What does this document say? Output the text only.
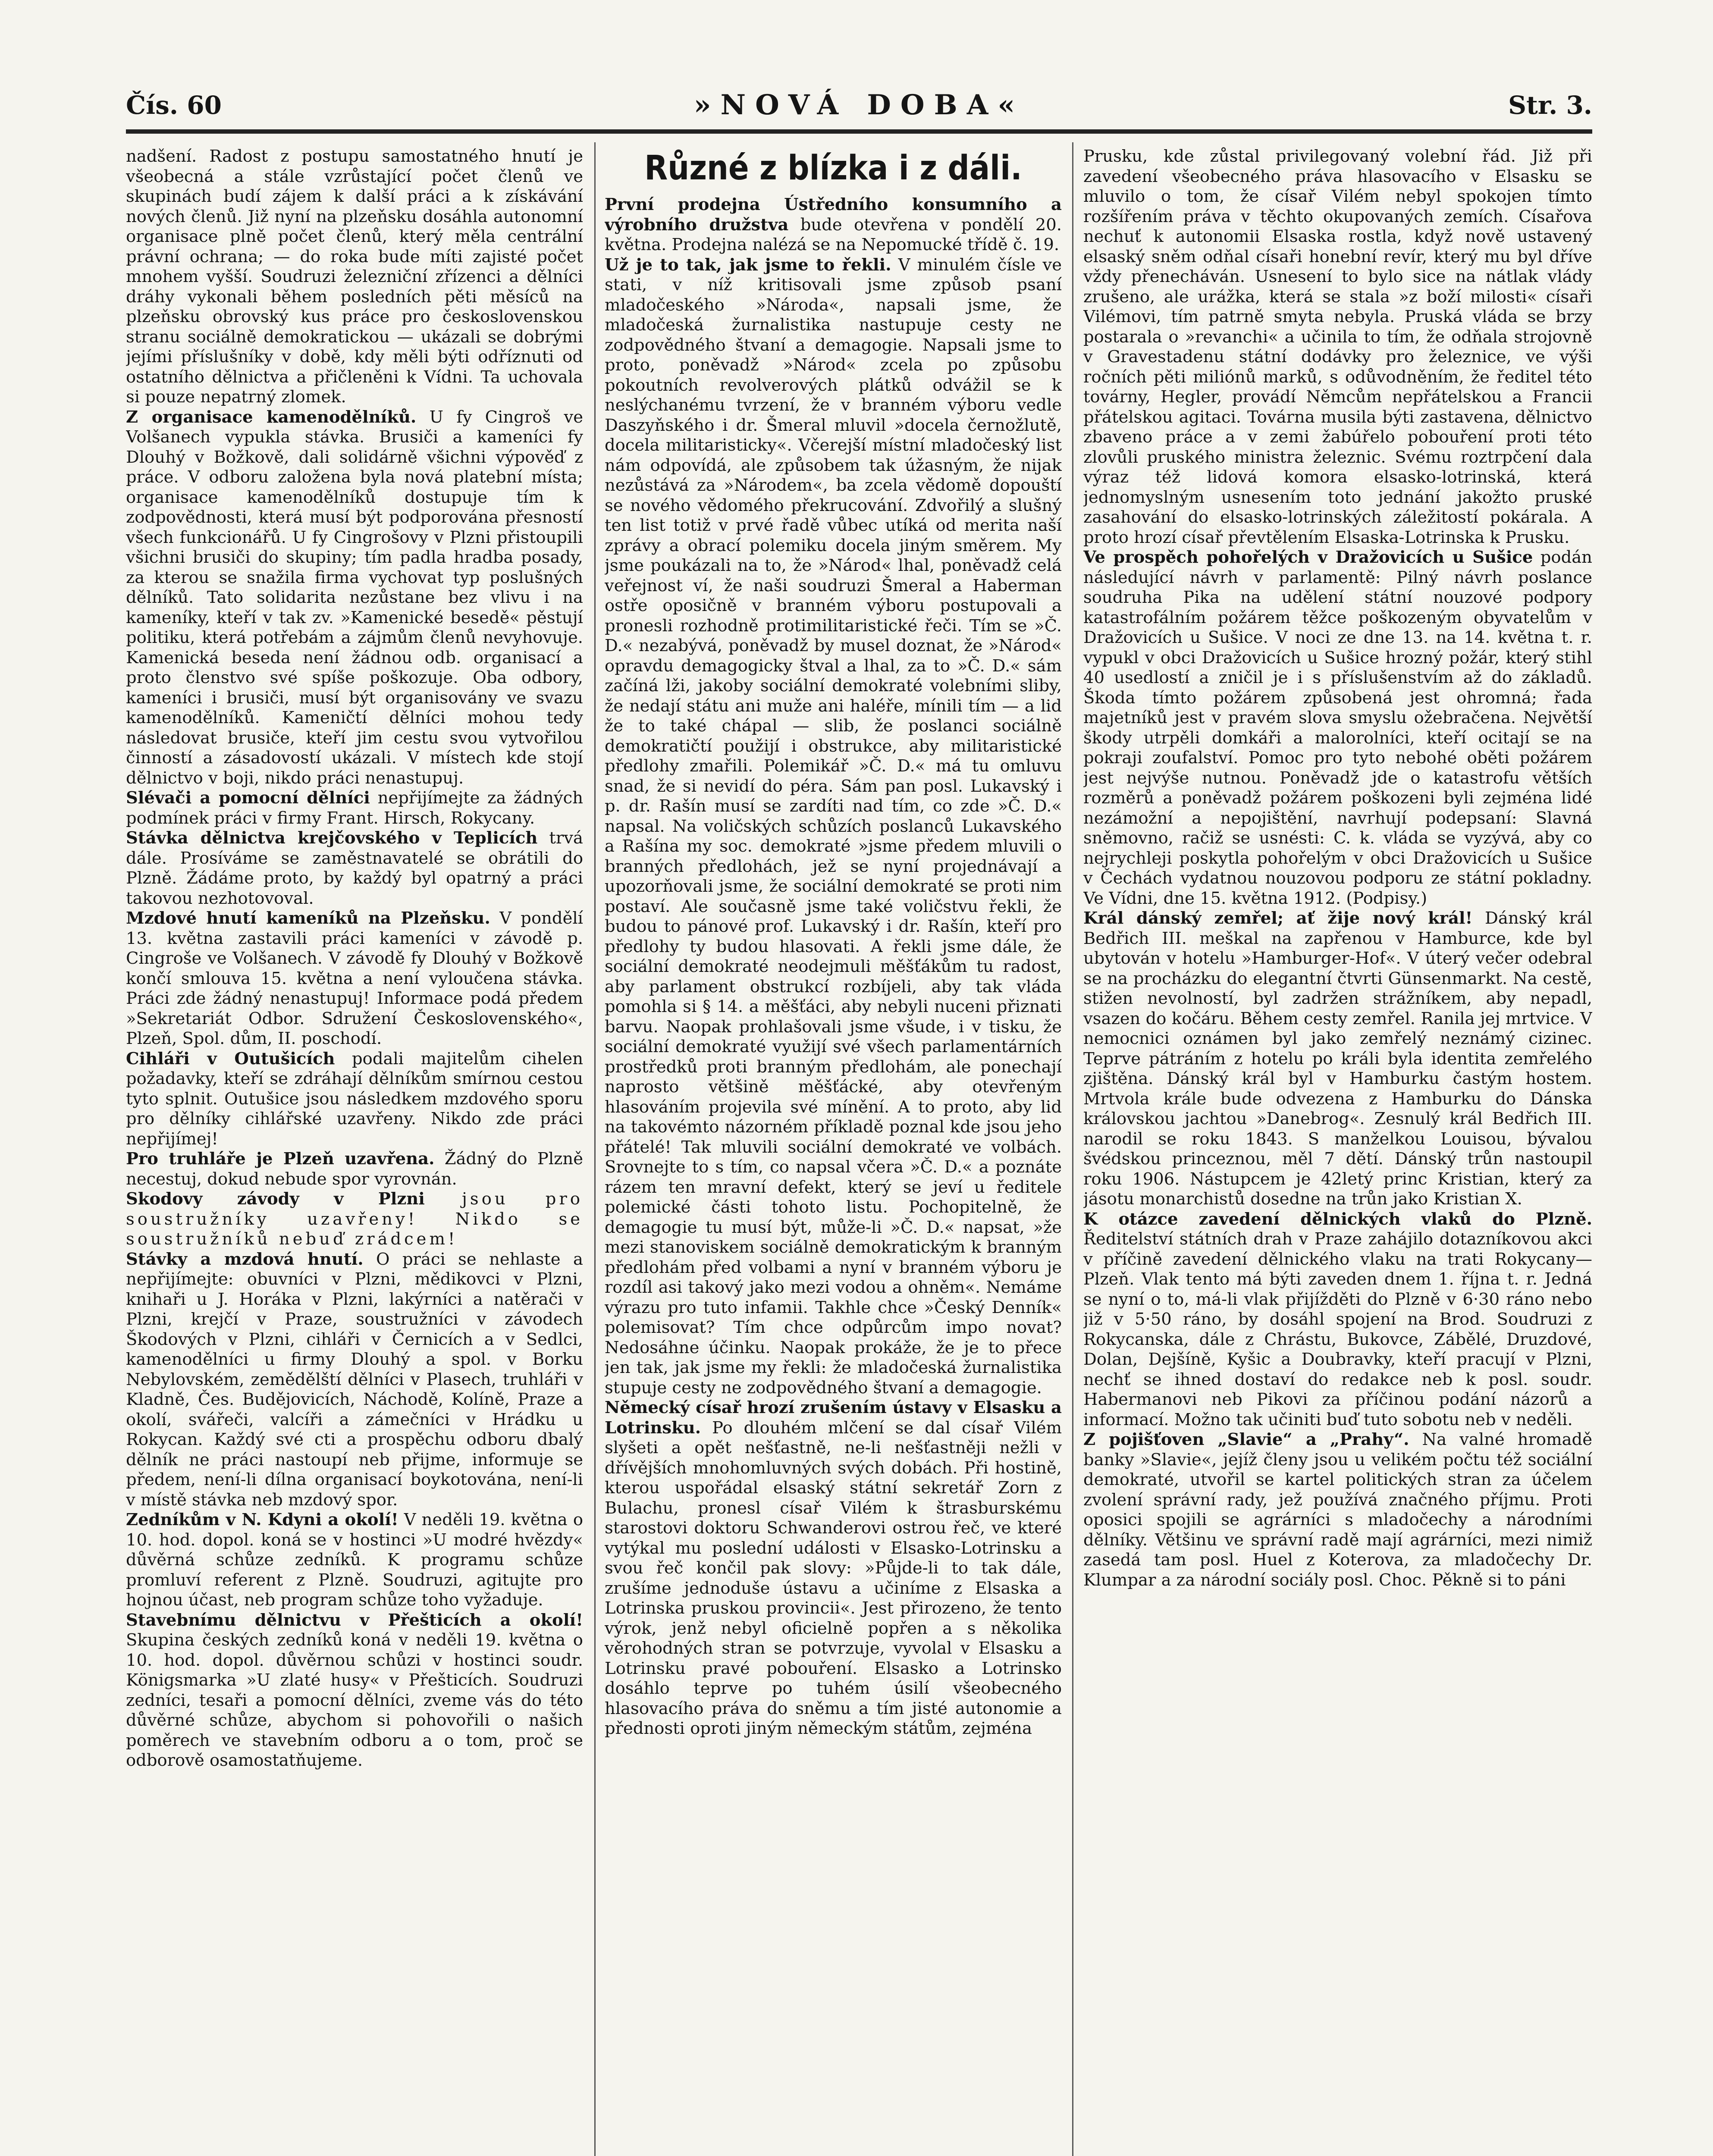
Čís. 60	»NOVÁ DOBA«	Str. 3.

nadšení. Radost z postupu samostatného hnutí je všeobecná a stále vzrůstající počet členů ve skupinách budí zájem k další práci a k získávání nových členů. Již nyní na plzeňsku dosáhla autonomní organisace plně počet členů, který měla centrální právní ochrana; — do roka bude míti zajisté počet mnohem vyšší. Soudruzi železniční zřízenci a dělníci dráhy vykonali během posledních pěti měsíců na plzeňsku obrovský kus práce pro československou stranu sociálně demokratickou — ukázali se dobrými jejími příslušníky v době, kdy měli býti odříznuti od ostatního dělnictva a přičleněni k Vídni. Ta uchovala si pouze nepatrný zlomek.

Z organisace kamenodělníků. U fy Cingroš ve Volšanech vypukla stávka. Brusiči a kameníci fy Dlouhý v Božkově, dali solidárně všichni výpověď z práce. V odboru založena byla nová platební místa; organisace kamenodělníků dostupuje tím k zodpovědnosti, která musí být podporována přesností všech funkcionářů. U fy Cingrošovy v Plzni přistoupili všichni brusiči do skupiny; tím padla hradba posady, za kterou se snažila firma vychovat typ poslušných dělníků. Tato solidarita nezůstane bez vlivu i na kameníky, kteří v tak zv. »Kamenické besedě« pěstují politiku, která potřebám a zájmům členů nevyhovuje. Kamenická beseda není žádnou odb. organisací a proto členstvo své spíše poškozuje. Oba odbory, kameníci i brusiči, musí být organisovány ve svazu kamenodělníků. Kameničtí dělníci mohou tedy následovat brusiče, kteří jim cestu svou vytvořilou činností a zásadovostí ukázali. V místech kde stojí dělnictvo v boji, nikdo práci nenastupuj.

Slévači a pomocní dělníci nepřijímejte za žádných podmínek práci v firmy Frant. Hirsch, Rokycany.

Stávka dělnictva krejčovského v Teplicích trvá dále. Prosíváme se zaměstnavatelé se obrátili do Plzně. Žádáme proto, by každý byl opatrný a práci takovou nezhotovoval.

Mzdové hnutí kameníků na Plzeňsku. V pondělí 13. května zastavili práci kameníci v závodě p. Cingroše ve Volšanech. V závodě fy Dlouhý v Božkově končí smlouva 15. května a není vyloučena stávka. Práci zde žádný nenastupuj! Informace podá předem »Sekretariát Odbor. Sdružení Československého«, Plzeň, Spol. dům, II. poschodí.

Cihláři v Outušicích podali majitelům cihelen požadavky, kteří se zdráhají dělníkům smírnou cestou tyto splnit. Outušice jsou následkem mzdového sporu pro dělníky cihlářské uzavřeny. Nikdo zde práci nepřijímej!

Pro truhláře je Plzeň uzavřena. Žádný do Plzně necestuj, dokud nebude spor vyrovnán.

Skodovy závody v Plzni jsou pro soustružníky uzavřeny! Nikdo se soustružníků nebuď zrádcem!

Stávky a mzdová hnutí. O práci se nehlaste a nepřijímejte: obuvníci v Plzni, mědikovci v Plzni, knihaři u J. Horáka v Plzni, lakýrníci a natěrači v Plzni, krejčí v Praze, soustružníci v závodech Škodových v Plzni, cihláři v Černicích a v Sedlci, kamenodělníci u firmy Dlouhý a spol. v Borku Nebylovském, zemědělští dělníci v Plasech, truhláři v Kladně, Čes. Budějovicích, Náchodě, Kolíně, Praze a okolí, svářeči, valcíři a zámečníci v Hrádku u Rokycan. Každý své cti a prospěchu odboru dbalý dělník ne práci nastoupí neb přijme, informuje se předem, není-li dílna organisací boykotována, není-li v místě stávka neb mzdový spor.

Zedníkům v N. Kdyni a okolí! V neděli 19. května o 10. hod. dopol. koná se v hostinci »U modré hvězdy« důvěrná schůze zedníků. K programu schůze promluví referent z Plzně. Soudruzi, agitujte pro hojnou účast, neb program schůze toho vyžaduje.

Stavebnímu dělnictvu v Přešticích a okolí! Skupina českých zedníků koná v neděli 19. května o 10. hod. dopol. důvěrnou schůzi v hostinci soudr. Königsmarka »U zlaté husy« v Přešticích. Soudruzi zedníci, tesaři a pomocní dělníci, zveme vás do této důvěrné schůze, abychom si pohovořili o našich poměrech ve stavebním odboru a o tom, proč se odborově osamostatňujeme.

Různé z blízka i z dáli.

První prodejna Ústředního konsumního a výrobního družstva bude otevřena v pondělí 20. května. Prodejna nalézá se na Nepomucké třídě č. 19.

Už je to tak, jak jsme to řekli. V minulém čísle ve stati, v níž kritisovali jsme způsob psaní mladočeského »Národa«, napsali jsme, že mladočeská žurnalistika nastupuje cesty ne zodpovědného štvaní a demagogie. Napsali jsme to proto, poněvadž »Národ« zcela po způsobu pokoutních revolverových plátků odvážil se k neslýchanému tvrzení, že v branném výboru vedle Daszyňského i dr. Šmeral mluvil »docela černožlutě, docela militaristicky«. Včerejší místní mladočeský list nám odpovídá, ale způsobem tak úžasným, že nijak nezůstává za »Národem«, ba zcela vědomě dopouští se nového vědomého překrucování. Zdvořilý a slušný ten list totiž v prvé řadě vůbec utíká od merita naší zprávy a obrací polemiku docela jiným směrem. My jsme poukázali na to, že »Národ« lhal, poněvadž celá veřejnost ví, že naši soudruzi Šmeral a Haberman ostře oposičně v branném výboru postupovali a pronesli rozhodně protimilitaristické řeči. Tím se »Č. D.« nezabývá, poněvadž by musel doznat, že »Národ« opravdu demagogicky štval a lhal, za to »Č. D.« sám začíná lži, jakoby sociální demokraté volebními sliby, že nedají státu ani muže ani haléře, mínili tím — a lid že to také chápal — slib, že poslanci sociálně demokratičtí použijí i obstrukce, aby militaristické předlohy zmařili. Polemikář »Č. D.« má tu omluvu snad, že si nevidí do péra. Sám pan posl. Lukavský i p. dr. Rašín musí se zardíti nad tím, co zde »Č. D.« napsal. Na voličských schůzích poslanců Lukavského a Rašína my soc. demokraté »jsme předem mluvili o branných předlohách, jež se nyní projednávají a upozorňovali jsme, že sociální demokraté se proti nim postaví. Ale současně jsme také voličstvu řekli, že budou to pánové prof. Lukavský i dr. Rašín, kteří pro předlohy ty budou hlasovati. A řekli jsme dále, že sociální demokraté neodejmuli měšťákům tu radost, aby parlament obstrukcí rozbíjeli, aby tak vláda pomohla si § 14. a měšťáci, aby nebyli nuceni přiznati barvu. Naopak prohlašovali jsme všude, i v tisku, že sociální demokraté využijí své všech parlamentárních prostředků proti branným předlohám, ale ponechají naprosto většině měšťácké, aby otevřeným hlasováním projevila své mínění. A to proto, aby lid na takovémto názorném příkladě poznal kde jsou jeho přátelé! Tak mluvili sociální demokraté ve volbách. Srovnejte to s tím, co napsal včera »Č. D.« a poznáte rázem ten mravní defekt, který se jeví u ředitele polemické části tohoto listu. Pochopitelně, že demagogie tu musí být, může-li »Č. D.« napsat, »že mezi stanoviskem sociálně demokratickým k branným předlohám před volbami a nyní v branném výboru je rozdíl asi takový jako mezi vodou a ohněm«. Nemáme výrazu pro tuto infamii. Takhle chce »Český Denník« polemisovat? Tím chce odpůrcům impo novat? Nedosáhne účinku. Naopak prokáže, že je to přece jen tak, jak jsme my řekli: že mladočeská žurnalistika stupuje cesty ne zodpovědného štvaní a demagogie.

Německý císař hrozí zrušením ústavy v Elsasku a Lotrinsku. Po dlouhém mlčení se dal císař Vilém slyšeti a opět nešťastně, ne-li nešťastněji nežli v dřívějších mnohomluvných svých dobách. Při hostině, kterou uspořádal elsaský státní sekretář Zorn z Bulachu, pronesl císař Vilém k štrasburskému starostovi doktoru Schwanderovi ostrou řeč, ve které vytýkal mu poslední události v Elsasko-Lotrinsku a svou řeč končil pak slovy: »Půjde-li to tak dále, zrušíme jednoduše ústavu a učiníme z Elsaska a Lotrinska pruskou provincii«. Jest přirozeno, že tento výrok, jenž nebyl oficielně popřen a s několika věrohodných stran se potvrzuje, vyvolal v Elsasku a Lotrinsku pravé pobouření. Elsasko a Lotrinsko dosáhlo teprve po tuhém úsilí všeobecného hlasovacího práva do sněmu a tím jisté autonomie a přednosti oproti jiným německým státům, zejména

Prusku, kde zůstal privilegovaný volební řád. Již při zavedení všeobecného práva hlasovacího v Elsasku se mluvilo o tom, že císař Vilém nebyl spokojen tímto rozšířením práva v těchto okupovaných zemích. Císařova nechuť k autonomii Elsaska rostla, když nově ustavený elsaský sněm odňal císaři honební revír, který mu byl dříve vždy přenecháván. Usnesení to bylo sice na nátlak vlády zrušeno, ale urážka, která se stala »z boží milosti« císaři Vilémovi, tím patrně smyta nebyla. Pruská vláda se brzy postarala o »revanchi« a učinila to tím, že odňala strojovně v Gravestadenu státní dodávky pro železnice, ve výši ročních pěti miliónů marků, s odůvodněním, že ředitel této továrny, Hegler, provádí Němcům nepřátelskou a Francii přátelskou agitaci. Továrna musila býti zastavena, dělnictvo zbaveno práce a v zemi žabúřelo pobouření proti této zlovůli pruského ministra železnic. Svému roztrpčení dala výraz též lidová komora elsasko-lotrinská, která jednomyslným usnesením toto jednání jakožto pruské zasahování do elsasko-lotrinských záležitostí pokárala. A proto hrozí císař převtělením Elsaska-Lotrinska k Prusku.

Ve prospěch pohořelých v Dražovicích u Sušice podán následující návrh v parlamentě: Pilný návrh poslance soudruha Pika na udělení státní nouzové podpory katastrofálním požárem těžce poškozeným obyvatelům v Dražovicích u Sušice. V noci ze dne 13. na 14. května t. r. vypukl v obci Dražovicích u Sušice hrozný požár, který stihl 40 usedlostí a zničil je i s příslušenstvím až do základů. Škoda tímto požárem způsobená jest ohromná; řada majetníků jest v pravém slova smyslu ožebračena. Největší škody utrpěli domkáři a malorolníci, kteří ocitají se na pokraji zoufalství. Pomoc pro tyto nebohé oběti požárem jest nejvýše nutnou. Poněvadž jde o katastrofu větších rozměrů a poněvadž požárem poškozeni byli zejména lidé nezámožní a nepojištění, navrhují podepsaní: Slavná sněmovno, račiž se usnésti: C. k. vláda se vyzývá, aby co nejrychleji poskytla pohořelým v obci Dražovicích u Sušice v Čechách vydatnou nouzovou podporu ze státní pokladny. Ve Vídni, dne 15. května 1912. (Podpisy.)

Král dánský zemřel; ať žije nový král! Dánský král Bedřich III. meškal na zapřenou v Hamburce, kde byl ubytován v hotelu »Hamburger-Hof«. V úterý večer odebral se na procházku do elegantní čtvrti Günsenmarkt. Na cestě, stižen nevolností, byl zadržen strážníkem, aby nepadl, vsazen do kočáru. Během cesty zemřel. Ranila jej mrtvice. V nemocnici oznámen byl jako zemřelý neznámý cizinec. Teprve pátráním z hotelu po králi byla identita zemřelého zjištěna. Dánský král byl v Hamburku častým hostem. Mrtvola krále bude odvezena z Hamburku do Dánska královskou jachtou »Danebrog«. Zesnulý král Bedřich III. narodil se roku 1843. S manželkou Louisou, bývalou švédskou princeznou, měl 7 dětí. Dánský trůn nastoupil roku 1906. Nástupcem je 42letý princ Kristian, který za jásotu monarchistů dosedne na trůn jako Kristian X.

K otázce zavedení dělnických vlaků do Plzně. Ředitelství státních drah v Praze zahájilo dotazníkovou akci v příčině zavedení dělnického vlaku na trati Rokycany—Plzeň. Vlak tento má býti zaveden dnem 1. října t. r. Jedná se nyní o to, má-li vlak přijížděti do Plzně v 6·30 ráno nebo již v 5·50 ráno, by dosáhl spojení na Brod. Soudruzi z Rokycanska, dále z Chrástu, Bukovce, Zábělé, Druzdové, Dolan, Dejšíně, Kyšic a Doubravky, kteří pracují v Plzni, nechť se ihned dostaví do redakce neb k posl. soudr. Habermanovi neb Pikovi za příčinou podání názorů a informací. Možno tak učiniti buď tuto sobotu neb v neděli.

Z pojišťoven „Slavie“ a „Prahy“. Na valné hromadě banky »Slavie«, jejíž členy jsou u velikém počtu též sociální demokraté, utvořil se kartel politických stran za účelem zvolení správní rady, jež používá značného příjmu. Proti oposici spojili se agrárníci s mladočechy a národními dělníky. Většinu ve správní radě mají agrárníci, mezi nimiž zasedá tam posl. Huel z Koterova, za mladočechy Dr. Klumpar a za národní sociály posl. Choc. Pěkně si to páni
